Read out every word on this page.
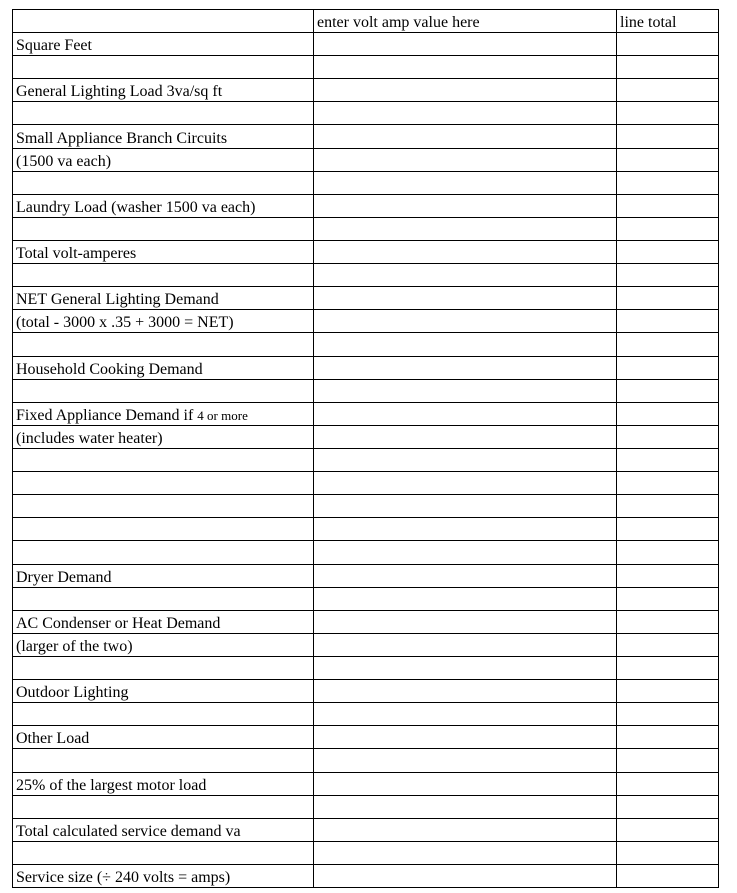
	enter volt amp value here	line total
Square Feet		

General Lighting Load 3va/sq ft		

Small Appliance Branch Circuits		
(1500 va each)		

Laundry Load (washer 1500 va each)		

Total volt-amperes		

NET General Lighting Demand		
(total - 3000 x .35 + 3000 = NET)		

Household Cooking Demand		

Fixed Appliance Demand if 4 or more		
(includes water heater)		

Dryer Demand		

AC Condenser or Heat Demand		
(larger of the two)		

Outdoor Lighting		

Other Load		

25% of the largest motor load		

Total calculated service demand va		

Service size (÷ 240 volts = amps)		
